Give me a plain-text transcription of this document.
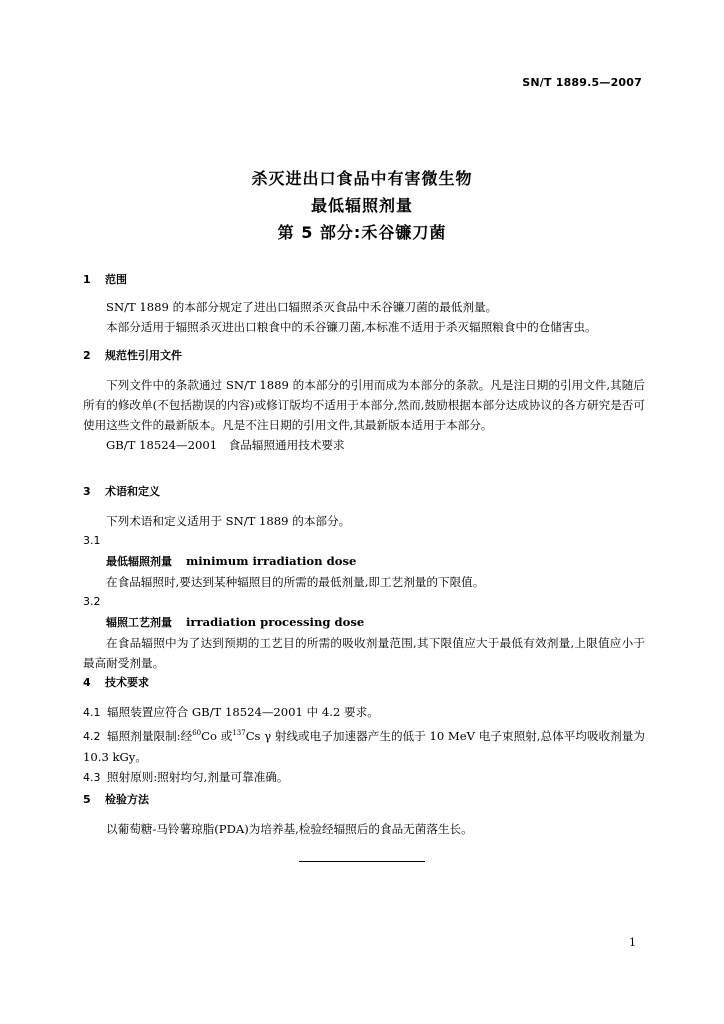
SN/T 1889.5—2007
杀灭进出口食品中有害微生物
最低辐照剂量
第 5 部分:禾谷镰刀菌
1 范围
SN/T 1889 的本部分规定了进出口辐照杀灭食品中禾谷镰刀菌的最低剂量。
本部分适用于辐照杀灭进出口粮食中的禾谷镰刀菌,本标准不适用于杀灭辐照粮食中的仓储害虫。
2 规范性引用文件
下列文件中的条款通过 SN/T 1889 的本部分的引用而成为本部分的条款。凡是注日期的引用文件,其随后所有的修改单(不包括勘误的内容)或修订版均不适用于本部分,然而,鼓励根据本部分达成协议的各方研究是否可使用这些文件的最新版本。凡是不注日期的引用文件,其最新版本适用于本部分。
GB/T 18524—2001　食品辐照通用技术要求
3 术语和定义
下列术语和定义适用于 SN/T 1889 的本部分。
3.1
最低辐照剂量 minimum irradiation dose
在食品辐照时,要达到某种辐照目的所需的最低剂量,即工艺剂量的下限值。
3.2
辐照工艺剂量 irradiation processing dose
在食品辐照中为了达到预期的工艺目的所需的吸收剂量范围,其下限值应大于最低有效剂量,上限值应小于最高耐受剂量。
4 技术要求
4.1 辐照装置应符合 GB/T 18524—2001 中 4.2 要求。
4.2 辐照剂量限制:经$^{60}$Co 或$^{137}$Cs γ 射线或电子加速器产生的低于 10 MeV 电子束照射,总体平均吸收剂量为 10.3 kGy。
4.3 照射原则:照射均匀,剂量可靠准确。
5 检验方法
以葡萄糖-马铃薯琼脂(PDA)为培养基,检验经辐照后的食品无菌落生长。
1
